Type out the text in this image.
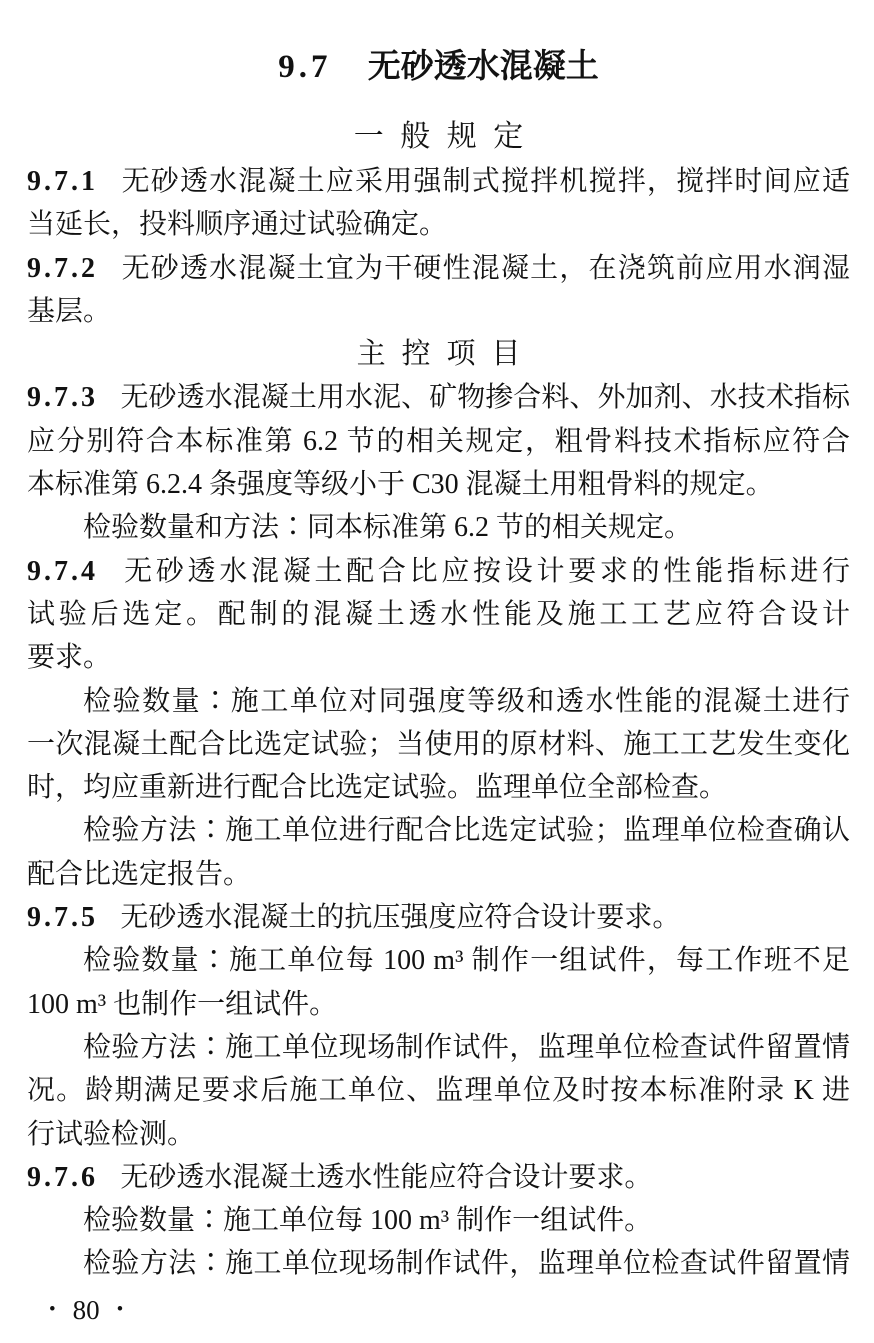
9.7 无砂透水混凝土
一般规定
9.7.1 无砂透水混凝土应采用强制式搅拌机搅拌，搅拌时间应适
当延长，投料顺序通过试验确定。
9.7.2 无砂透水混凝土宜为干硬性混凝土，在浇筑前应用水润湿
基层。
主控项目
9.7.3 无砂透水混凝土用水泥、矿物掺合料、外加剂、水技术指标
应分别符合本标准第 6.2 节的相关规定，粗骨料技术指标应符合
本标准第 6.2.4 条强度等级小于 C30 混凝土用粗骨料的规定。
检验数量和方法∶同本标准第 6.2 节的相关规定。
9.7.4 无砂透水混凝土配合比应按设计要求的性能指标进行
试验后选定。配制的混凝土透水性能及施工工艺应符合设计
要求。
检验数量∶施工单位对同强度等级和透水性能的混凝土进行
一次混凝土配合比选定试验；当使用的原材料、施工工艺发生变化
时，均应重新进行配合比选定试验。监理单位全部检查。
检验方法∶施工单位进行配合比选定试验；监理单位检查确认
配合比选定报告。
9.7.5 无砂透水混凝土的抗压强度应符合设计要求。
检验数量∶施工单位每 100 m³ 制作一组试件，每工作班不足
100 m³ 也制作一组试件。
检验方法∶施工单位现场制作试件，监理单位检查试件留置情
况。龄期满足要求后施工单位、监理单位及时按本标准附录 K 进
行试验检测。
9.7.6 无砂透水混凝土透水性能应符合设计要求。
检验数量∶施工单位每 100 m³ 制作一组试件。
检验方法∶施工单位现场制作试件，监理单位检查试件留置情
• 80 •
